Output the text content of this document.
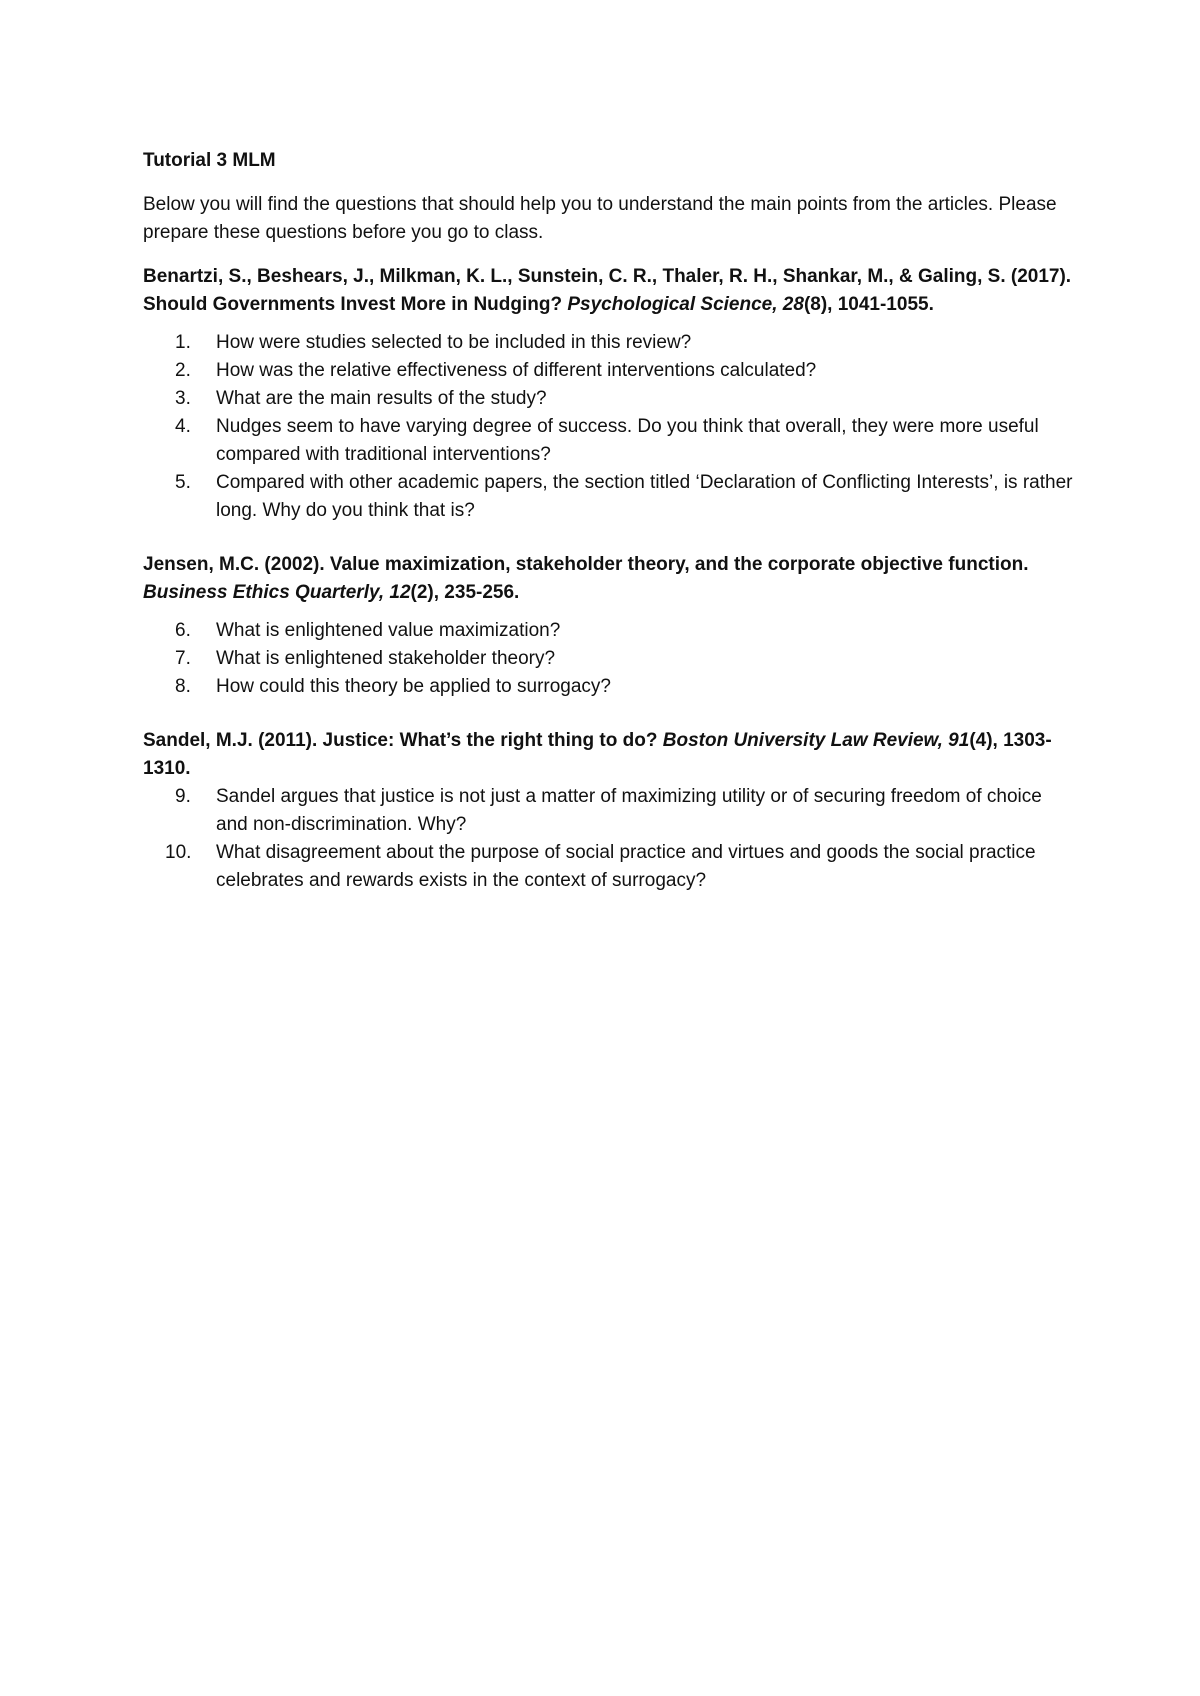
Tutorial 3 MLM

Below you will find the questions that should help you to understand the main points from the articles. Please prepare these questions before you go to class.

Benartzi, S., Beshears, J., Milkman, K. L., Sunstein, C. R., Thaler, R. H., Shankar, M., & Galing, S. (2017). Should Governments Invest More in Nudging? Psychological Science, 28(8), 1041-1055.

1. How were studies selected to be included in this review?
2. How was the relative effectiveness of different interventions calculated?
3. What are the main results of the study?
4. Nudges seem to have varying degree of success. Do you think that overall, they were more useful compared with traditional interventions?
5. Compared with other academic papers, the section titled ‘Declaration of Conflicting Interests’, is rather long. Why do you think that is?

Jensen, M.C. (2002). Value maximization, stakeholder theory, and the corporate objective function. Business Ethics Quarterly, 12(2), 235-256.

6. What is enlightened value maximization?
7. What is enlightened stakeholder theory?
8. How could this theory be applied to surrogacy?

Sandel, M.J. (2011). Justice: What’s the right thing to do? Boston University Law Review, 91(4), 1303-1310.

9. Sandel argues that justice is not just a matter of maximizing utility or of securing freedom of choice and non-discrimination. Why?
10. What disagreement about the purpose of social practice and virtues and goods the social practice celebrates and rewards exists in the context of surrogacy?
